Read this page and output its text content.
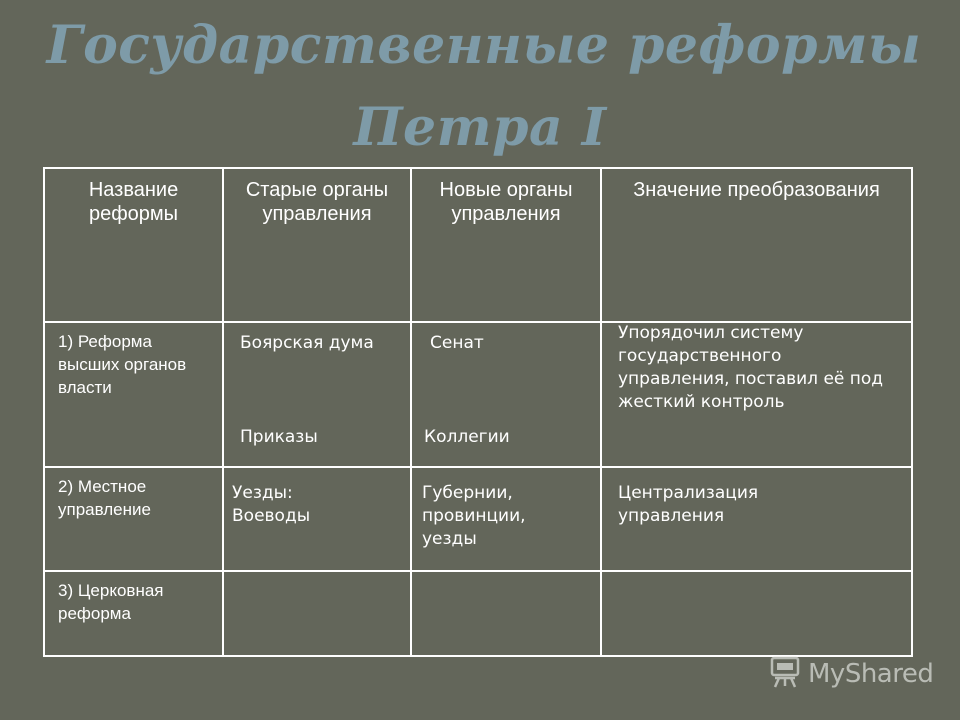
Государственные реформы
Петра I
Название реформы
Старые органы управления
Новые органы управления
Значение преобразования
1) Реформа высших органов власти
Боярская дума
Приказы
Сенат
Коллегии
Упорядочил систему государственного управления, поставил её под жесткий контроль
2) Местное управление
Уезды: Воеводы
Губернии, провинции, уезды
Централизация управления
3) Церковная реформа
MyShared
